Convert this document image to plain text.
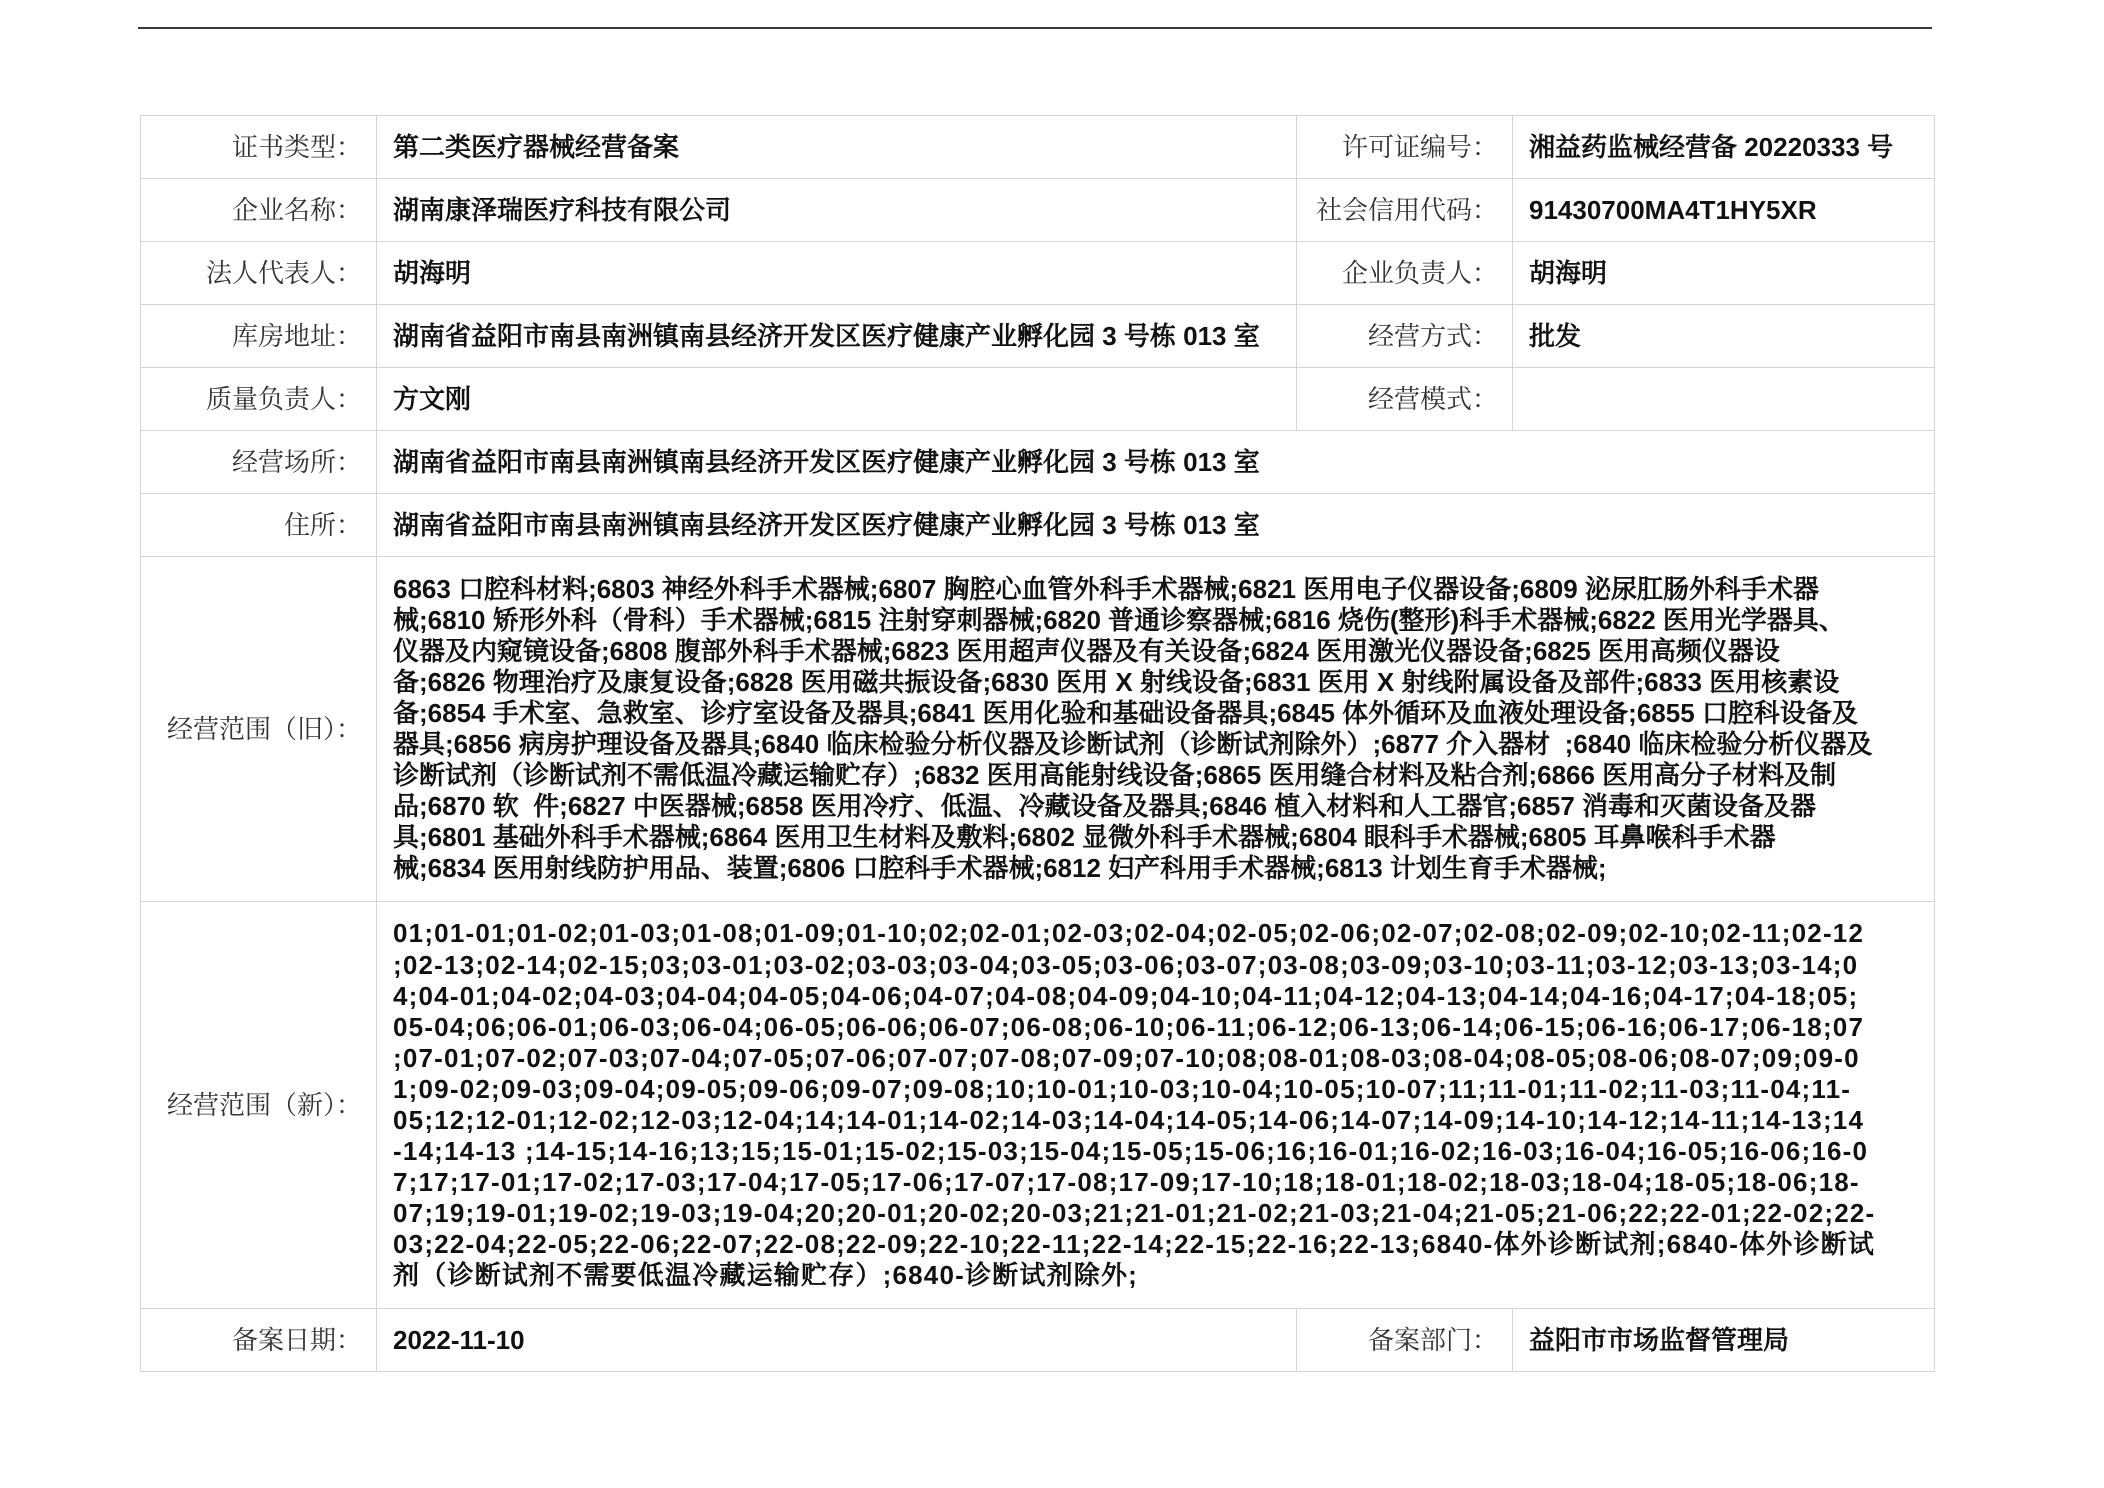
证书类型：	第二类医疗器械经营备案	许可证编号：	湘益药监械经营备 20220333 号
企业名称：	湖南康泽瑞医疗科技有限公司	社会信用代码：	91430700MA4T1HY5XR
法人代表人：	胡海明	企业负责人：	胡海明
库房地址：	湖南省益阳市南县南洲镇南县经济开发区医疗健康产业孵化园 3 号栋 013 室	经营方式：	批发
质量负责人：	方文刚	经营模式：
经营场所：	湖南省益阳市南县南洲镇南县经济开发区医疗健康产业孵化园 3 号栋 013 室
住所：	湖南省益阳市南县南洲镇南县经济开发区医疗健康产业孵化园 3 号栋 013 室
经营范围（旧）：
6863 口腔科材料;6803 神经外科手术器械;6807 胸腔心血管外科手术器械;6821 医用电子仪器设备;6809 泌尿肛肠外科手术器
械;6810 矫形外科（骨科）手术器械;6815 注射穿刺器械;6820 普通诊察器械;6816 烧伤(整形)科手术器械;6822 医用光学器具、
仪器及内窥镜设备;6808 腹部外科手术器械;6823 医用超声仪器及有关设备;6824 医用激光仪器设备;6825 医用高频仪器设
备;6826 物理治疗及康复设备;6828 医用磁共振设备;6830 医用 X 射线设备;6831 医用 X 射线附属设备及部件;6833 医用核素设
备;6854 手术室、急救室、诊疗室设备及器具;6841 医用化验和基础设备器具;6845 体外循环及血液处理设备;6855 口腔科设备及
器具;6856 病房护理设备及器具;6840 临床检验分析仪器及诊断试剂（诊断试剂除外）;6877 介入器材  ;6840 临床检验分析仪器及
诊断试剂（诊断试剂不需低温冷藏运输贮存）;6832 医用高能射线设备;6865 医用缝合材料及粘合剂;6866 医用高分子材料及制
品;6870 软  件;6827 中医器械;6858 医用冷疗、低温、冷藏设备及器具;6846 植入材料和人工器官;6857 消毒和灭菌设备及器
具;6801 基础外科手术器械;6864 医用卫生材料及敷料;6802 显微外科手术器械;6804 眼科手术器械;6805 耳鼻喉科手术器
械;6834 医用射线防护用品、装置;6806 口腔科手术器械;6812 妇产科用手术器械;6813 计划生育手术器械;
经营范围（新）：
01;01-01;01-02;01-03;01-08;01-09;01-10;02;02-01;02-03;02-04;02-05;02-06;02-07;02-08;02-09;02-10;02-11;02-12
;02-13;02-14;02-15;03;03-01;03-02;03-03;03-04;03-05;03-06;03-07;03-08;03-09;03-10;03-11;03-12;03-13;03-14;0
4;04-01;04-02;04-03;04-04;04-05;04-06;04-07;04-08;04-09;04-10;04-11;04-12;04-13;04-14;04-16;04-17;04-18;05;
05-04;06;06-01;06-03;06-04;06-05;06-06;06-07;06-08;06-10;06-11;06-12;06-13;06-14;06-15;06-16;06-17;06-18;07
;07-01;07-02;07-03;07-04;07-05;07-06;07-07;07-08;07-09;07-10;08;08-01;08-03;08-04;08-05;08-06;08-07;09;09-0
1;09-02;09-03;09-04;09-05;09-06;09-07;09-08;10;10-01;10-03;10-04;10-05;10-07;11;11-01;11-02;11-03;11-04;11-
05;12;12-01;12-02;12-03;12-04;14;14-01;14-02;14-03;14-04;14-05;14-06;14-07;14-09;14-10;14-12;14-11;14-13;14
-14;14-13 ;14-15;14-16;13;15;15-01;15-02;15-03;15-04;15-05;15-06;16;16-01;16-02;16-03;16-04;16-05;16-06;16-0
7;17;17-01;17-02;17-03;17-04;17-05;17-06;17-07;17-08;17-09;17-10;18;18-01;18-02;18-03;18-04;18-05;18-06;18-
07;19;19-01;19-02;19-03;19-04;20;20-01;20-02;20-03;21;21-01;21-02;21-03;21-04;21-05;21-06;22;22-01;22-02;22-
03;22-04;22-05;22-06;22-07;22-08;22-09;22-10;22-11;22-14;22-15;22-16;22-13;6840-体外诊断试剂;6840-体外诊断试
剂（诊断试剂不需要低温冷藏运输贮存）;6840-诊断试剂除外;
备案日期：	2022-11-10	备案部门：	益阳市市场监督管理局
